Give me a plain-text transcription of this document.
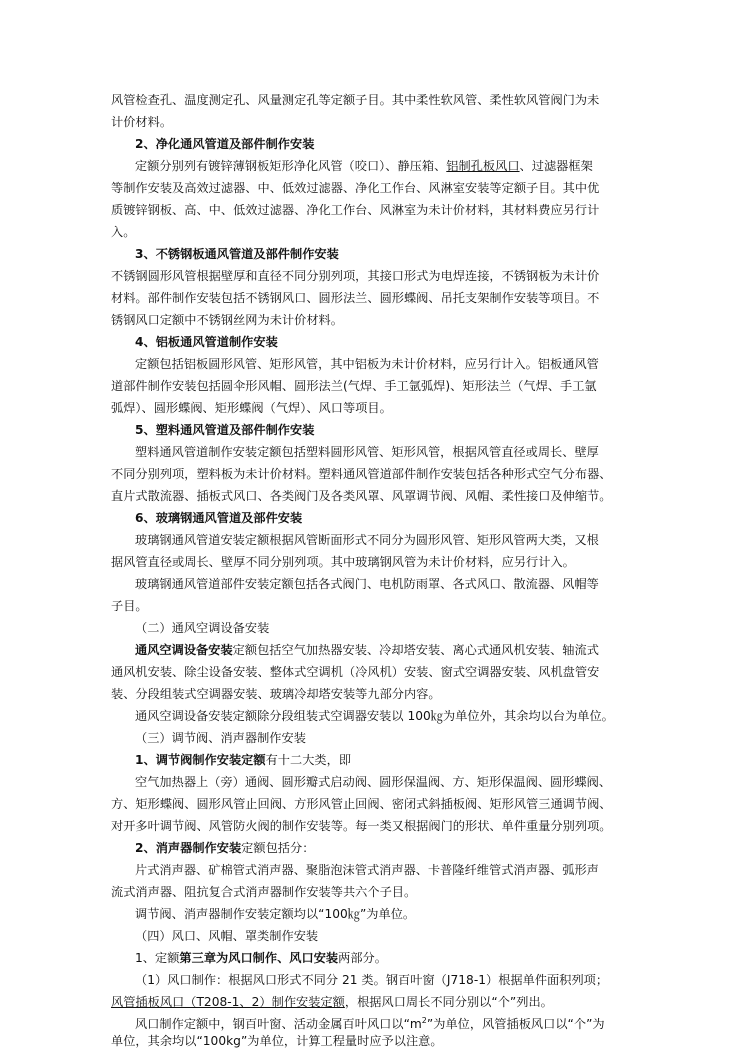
风管检查孔、温度测定孔、风量测定孔等定额子目。其中柔性软风管、柔性软风管阀门为未
计价材料。
2、净化通风管道及部件制作安装
定额分别列有镀锌薄钢板矩形净化风管（咬口）、静压箱、铝制孔板风口、过滤器框架
等制作安装及高效过滤器、中、低效过滤器、净化工作台、风淋室安装等定额子目。其中优
质镀锌钢板、高、中、低效过滤器、净化工作台、风淋室为未计价材料，其材料费应另行计
入。
3、不锈钢板通风管道及部件制作安装
不锈钢圆形风管根据壁厚和直径不同分别列项，其接口形式为电焊连接，不锈钢板为未计价
材料。部件制作安装包括不锈钢风口、圆形法兰、圆形蝶阀、吊托支架制作安装等项目。不
锈钢风口定额中不锈钢丝网为未计价材料。
4、铝板通风管道制作安装
定额包括铝板圆形风管、矩形风管，其中铝板为未计价材料，应另行计入。铝板通风管
道部件制作安装包括圆伞形风帽、圆形法兰(气焊、手工氩弧焊)、矩形法兰（气焊、手工氩
弧焊）、圆形蝶阀、矩形蝶阀（气焊）、风口等项目。
5、塑料通风管道及部件制作安装
塑料通风管道制作安装定额包括塑料圆形风管、矩形风管，根据风管直径或周长、壁厚
不同分别列项，塑料板为未计价材料。塑料通风管道部件制作安装包括各种形式空气分布器、
直片式散流器、插板式风口、各类阀门及各类风罩、风罩调节阀、风帽、柔性接口及伸缩节。
6、玻璃钢通风管道及部件安装
玻璃钢通风管道安装定额根据风管断面形式不同分为圆形风管、矩形风管两大类，又根
据风管直径或周长、壁厚不同分别列项。其中玻璃钢风管为未计价材料，应另行计入。
玻璃钢通风管道部件安装定额包括各式阀门、电机防雨罩、各式风口、散流器、风帽等
子目。
（二）通风空调设备安装
通风空调设备安装定额包括空气加热器安装、冷却塔安装、离心式通风机安装、轴流式
通风机安装、除尘设备安装、整体式空调机（冷风机）安装、窗式空调器安装、风机盘管安
装、分段组装式空调器安装、玻璃冷却塔安装等九部分内容。
通风空调设备安装定额除分段组装式空调器安装以 100㎏为单位外，其余均以台为单位。
（三）调节阀、消声器制作安装
1、调节阀制作安装定额有十二大类，即
空气加热器上（旁）通阀、圆形瓣式启动阀、圆形保温阀、方、矩形保温阀、圆形蝶阀、
方、矩形蝶阀、圆形风管止回阀、方形风管止回阀、密闭式斜插板阀、矩形风管三通调节阀、
对开多叶调节阀、风管防火阀的制作安装等。每一类又根据阀门的形状、单件重量分别列项。
2、消声器制作安装定额包括分：
片式消声器、矿棉管式消声器、聚脂泡沫管式消声器、卡普隆纤维管式消声器、弧形声
流式消声器、阻抗复合式消声器制作安装等共六个子目。
调节阀、消声器制作安装定额均以“100㎏”为单位。
（四）风口、风帽、罩类制作安装
1、定额第三章为风口制作、风口安装两部分。
（1）风口制作：根据风口形式不同分 21 类。钢百叶窗（J718-1）根据单件面积列项；
风管插板风口（T208-1、2）制作安装定额，根据风口周长不同分别以“个”列出。
风口制作定额中，钢百叶窗、活动金属百叶风口以“$m^2$”为单位，风管插板风口以“个”为
单位，其余均以“100kg”为单位，计算工程量时应予以注意。
